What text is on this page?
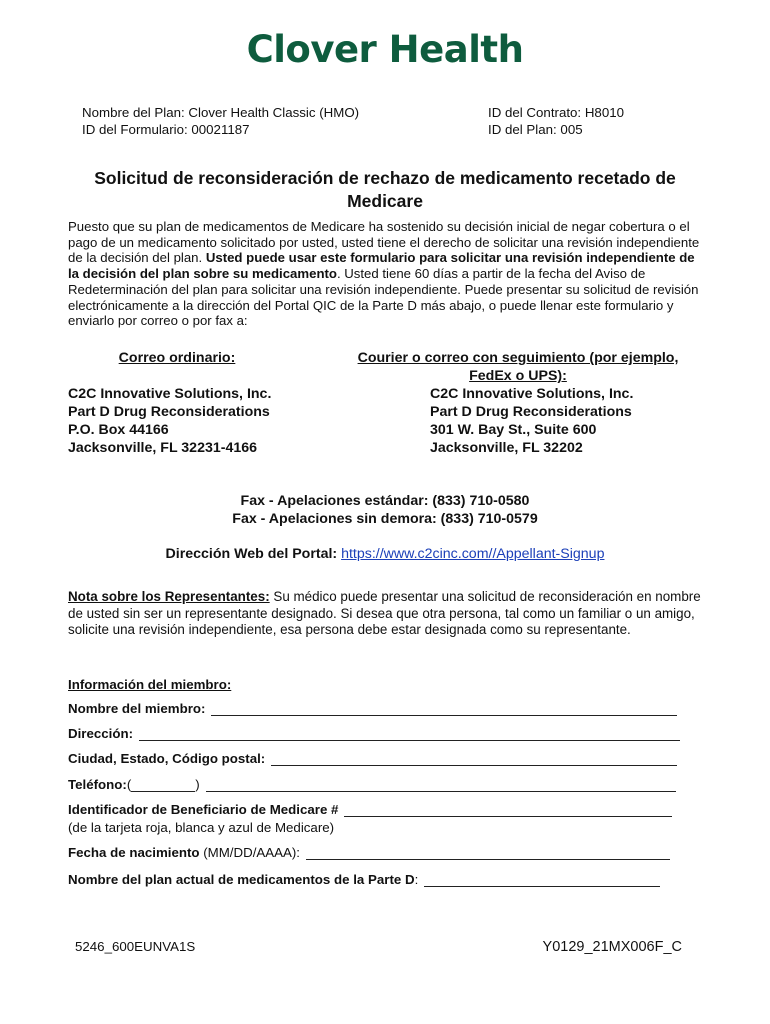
Clover Health
Nombre del Plan: Clover Health Classic (HMO)
ID del Formulario: 00021187
ID del Contrato: H8010
ID del Plan: 005
Solicitud de reconsideración de rechazo de medicamento recetado de Medicare
Puesto que su plan de medicamentos de Medicare ha sostenido su decisión inicial de negar cobertura o el pago de un medicamento solicitado por usted, usted tiene el derecho de solicitar una revisión independiente de la decisión del plan. Usted puede usar este formulario para solicitar una revisión independiente de la decisión del plan sobre su medicamento. Usted tiene 60 días a partir de la fecha del Aviso de Redeterminación del plan para solicitar una revisión independiente. Puede presentar su solicitud de revisión electrónicamente a la dirección del Portal QIC de la Parte D más abajo, o puede llenar este formulario y enviarlo por correo o por fax a:
Correo ordinario:
C2C Innovative Solutions, Inc.
Part D Drug Reconsiderations
P.O. Box 44166
Jacksonville, FL 32231-4166
Courier o correo con seguimiento (por ejemplo,
FedEx o UPS):
C2C Innovative Solutions, Inc.
Part D Drug Reconsiderations
301 W. Bay St., Suite 600
Jacksonville, FL 32202
Fax - Apelaciones estándar: (833) 710-0580
Fax - Apelaciones sin demora: (833) 710-0579
Dirección Web del Portal: https://www.c2cinc.com//Appellant-Signup
Nota sobre los Representantes: Su médico puede presentar una solicitud de reconsideración en nombre de usted sin ser un representante designado. Si desea que otra persona, tal como un familiar o un amigo, solicite una revisión independiente, esa persona debe estar designada como su representante.
Información del miembro:
Nombre del miembro:
Dirección:
Ciudad, Estado, Código postal:
Teléfono: (	)
Identificador de Beneficiario de Medicare #
(de la tarjeta roja, blanca y azul de Medicare)
Fecha de nacimiento (MM/DD/AAAA):
Nombre del plan actual de medicamentos de la Parte D :
5246_600EUNVA1S	Y0129_21MX006F_C
